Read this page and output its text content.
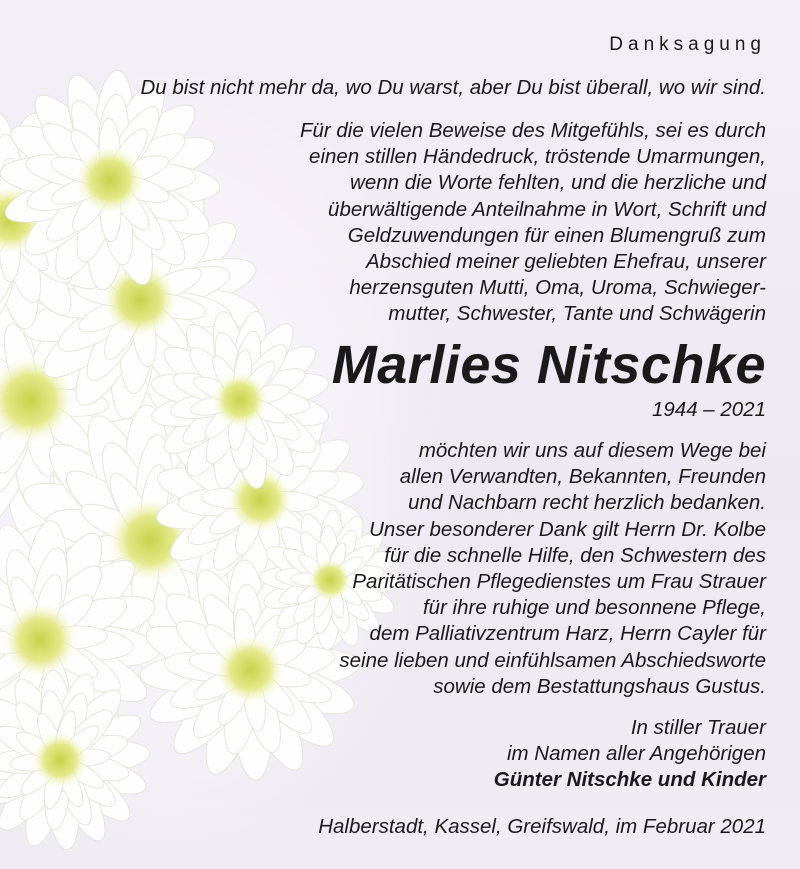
Danksagung
Du bist nicht mehr da, wo Du warst, aber Du bist überall, wo wir sind.
Für die vielen Beweise des Mitgefühls, sei es durch
einen stillen Händedruck, tröstende Umarmungen,
wenn die Worte fehlten, und die herzliche und
überwältigende Anteilnahme in Wort, Schrift und
Geldzuwendungen für einen Blumengruß zum
Abschied meiner geliebten Ehefrau, unserer
herzensguten Mutti, Oma, Uroma, Schwieger-
mutter, Schwester, Tante und Schwägerin
Marlies Nitschke
1944 – 2021
möchten wir uns auf diesem Wege bei
allen Verwandten, Bekannten, Freunden
und Nachbarn recht herzlich bedanken.
Unser besonderer Dank gilt Herrn Dr. Kolbe
für die schnelle Hilfe, den Schwestern des
Paritätischen Pflegedienstes um Frau Strauer
für ihre ruhige und besonnene Pflege,
dem Palliativzentrum Harz, Herrn Cayler für
seine lieben und einfühlsamen Abschiedsworte
sowie dem Bestattungshaus Gustus.
In stiller Trauer
im Namen aller Angehörigen
Günter Nitschke und Kinder
Halberstadt, Kassel, Greifswald, im Februar 2021
